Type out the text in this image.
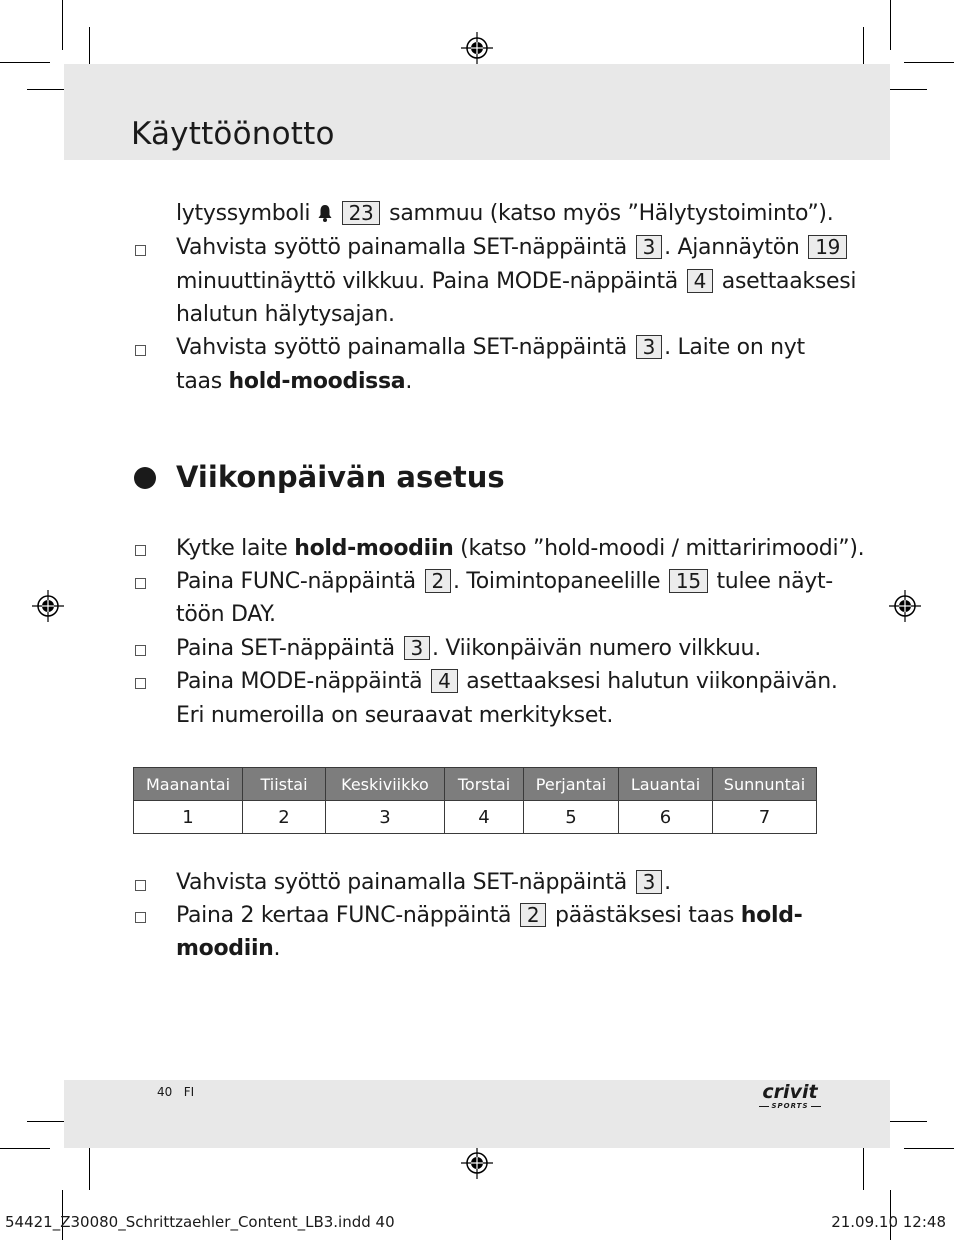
Käyttöönotto
lytyssymboli  23 sammuu (katso myös ”Hälytystoiminto”).
Vahvista syöttö painamalla SET-näppäintä 3 . Ajannäytön 19
minuuttinäyttö vilkkuu. Paina MODE-näppäintä 4 asettaaksesi
halutun hälytysajan.
Vahvista syöttö painamalla SET-näppäintä 3 . Laite on nyt
taas hold-moodissa.
Viikonpäivän asetus
Kytke laite hold-moodiin (katso ”hold-moodi / mittaririmoodi”).
Paina FUNC-näppäintä 2 . Toimintopaneelille 15 tulee näyt-
töön DAY.
Paina SET-näppäintä 3 . Viikonpäivän numero vilkkuu.
Paina MODE-näppäintä 4 asettaaksesi halutun viikonpäivän.
Eri numeroilla on seuraavat merkitykset.
Maanantai	Tiistai	Keskiviikko	Torstai	Perjantai	Lauantai	Sunnuntai
1	2	3	4	5	6	7
Vahvista syöttö painamalla SET-näppäintä 3 .
Paina 2 kertaa FUNC-näppäintä 2 päästäksesi taas hold-
moodiin.
40 FI	crivit
SPORTS
54421_Z30080_Schrittzaehler_Content_LB3.indd 40	21.09.10 12:48
